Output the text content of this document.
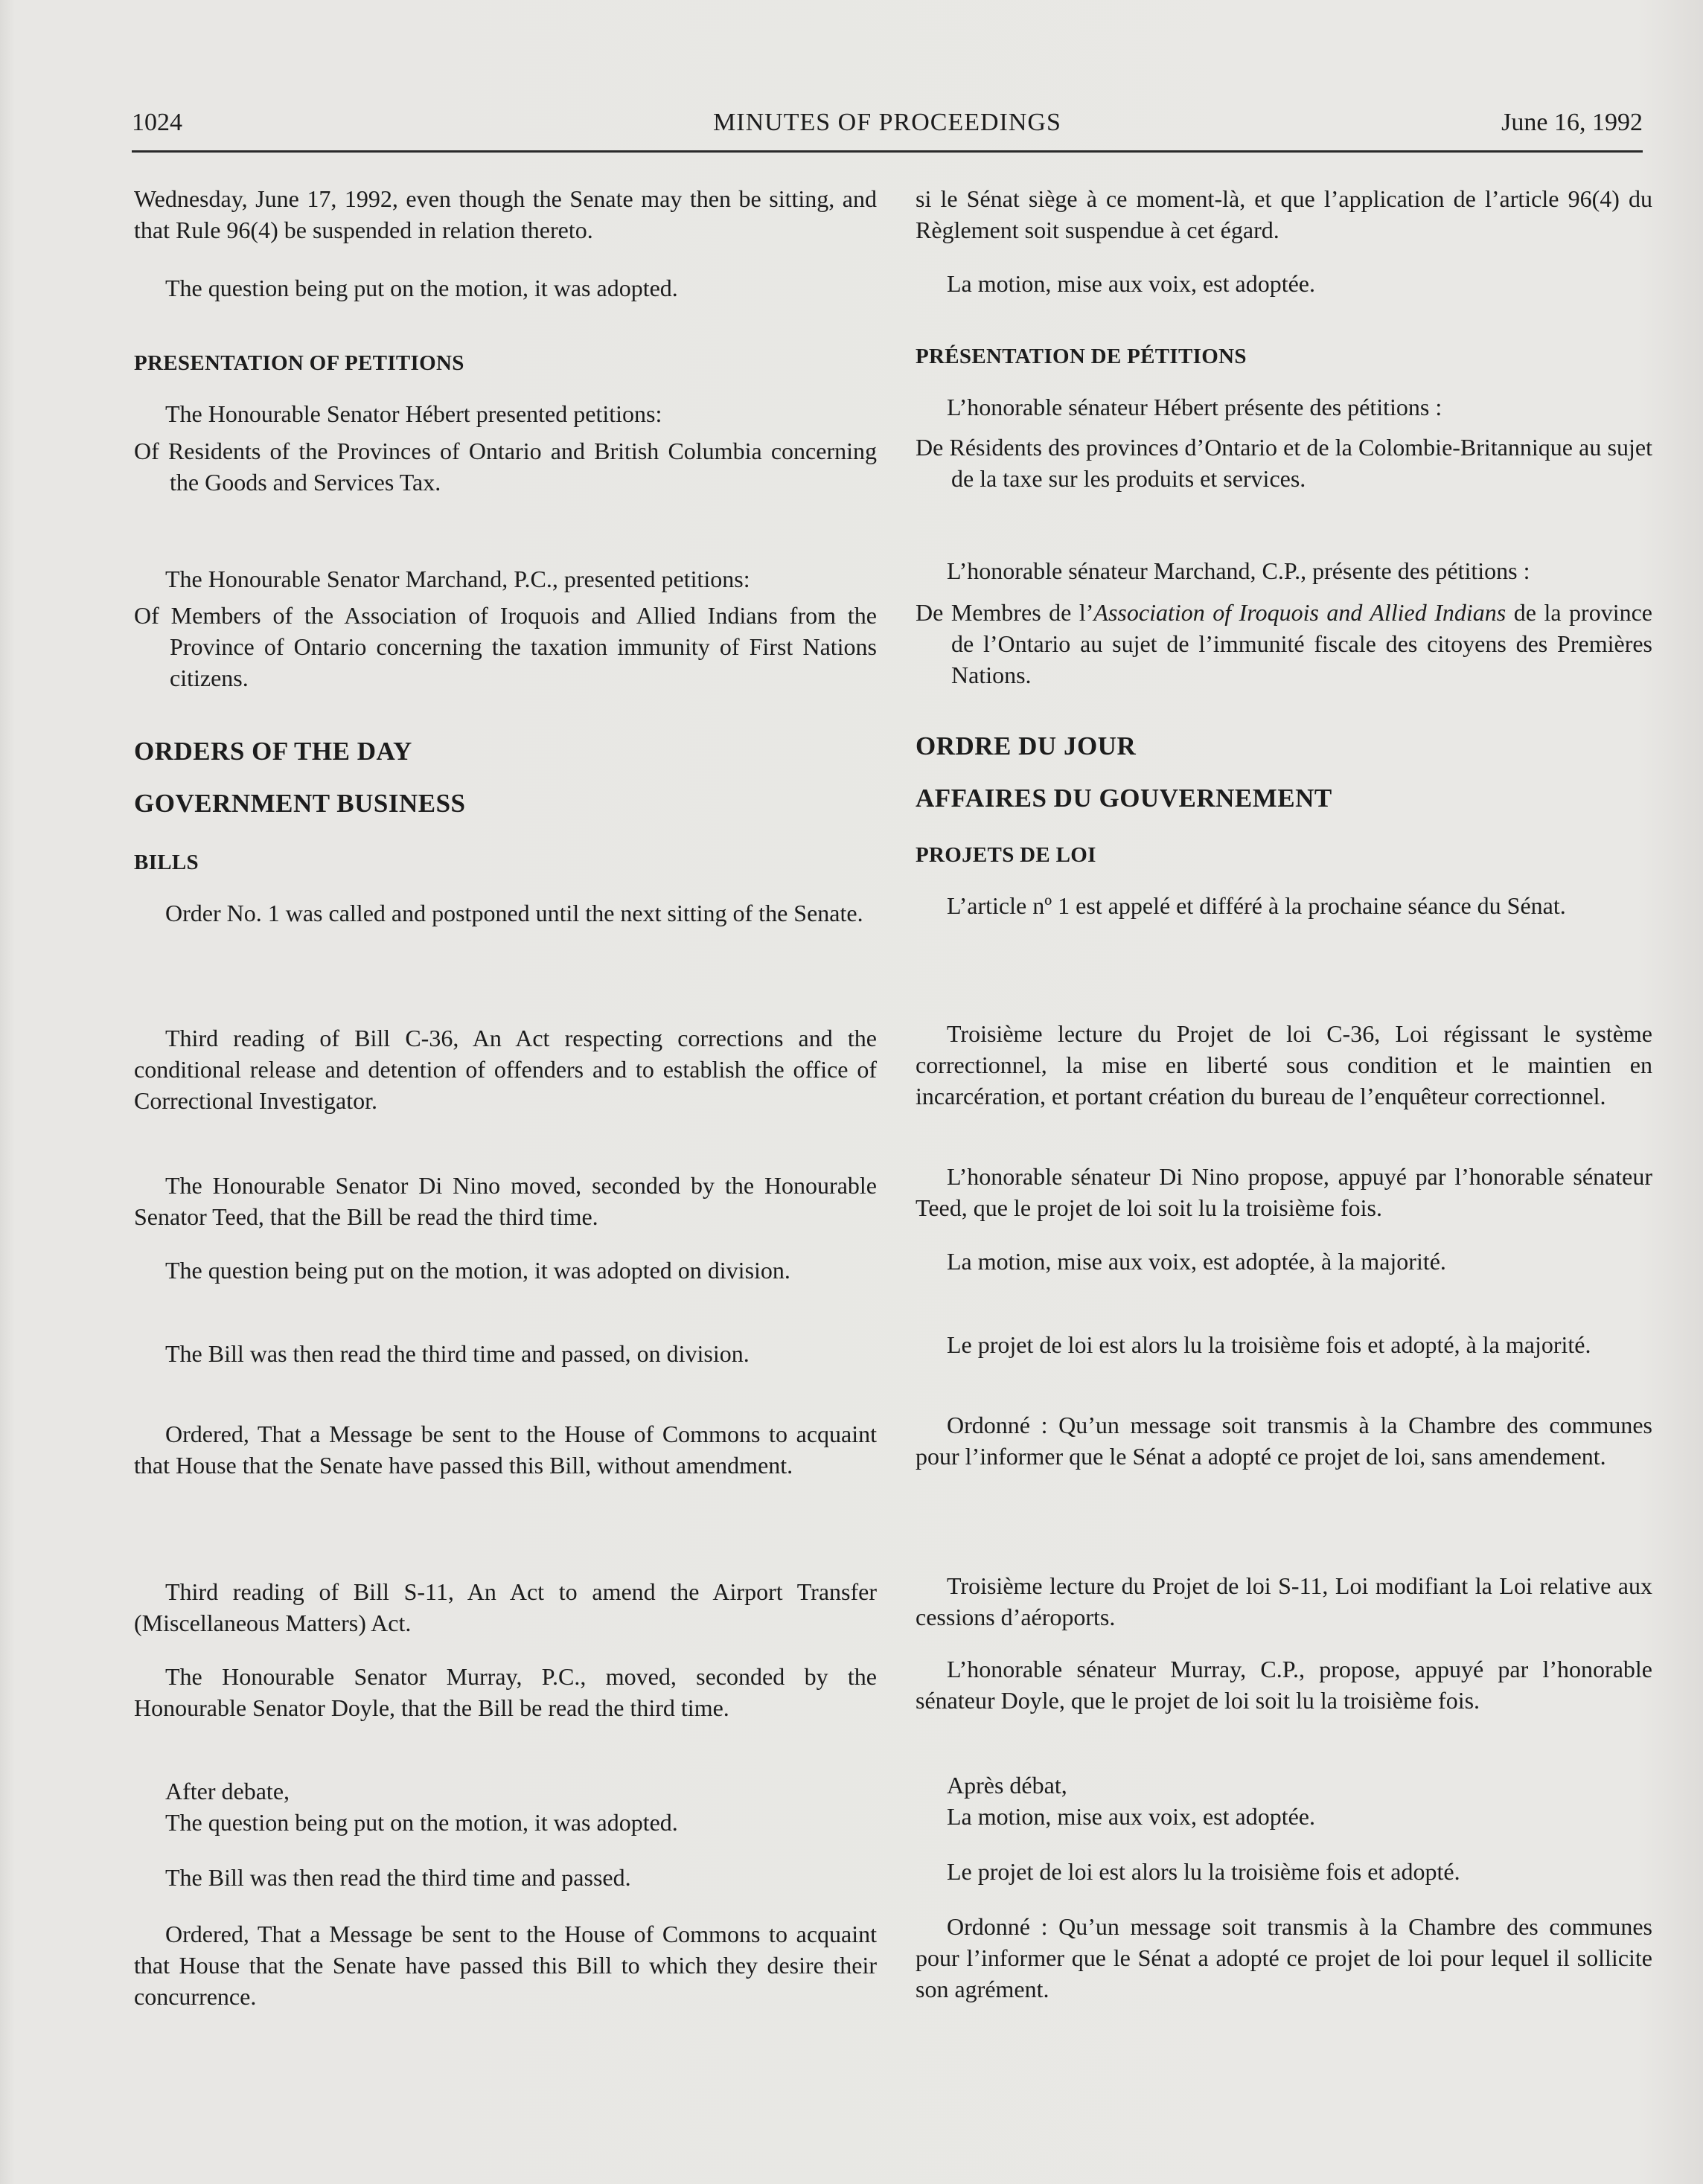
1024	MINUTES OF PROCEEDINGS	June 16, 1992

Wednesday, June 17, 1992, even though the Senate may then be sitting, and that Rule 96(4) be suspended in relation thereto.

The question being put on the motion, it was adopted.

PRESENTATION OF PETITIONS

The Honourable Senator Hébert presented petitions:

Of Residents of the Provinces of Ontario and British Columbia concerning the Goods and Services Tax.

The Honourable Senator Marchand, P.C., presented petitions:

Of Members of the Association of Iroquois and Allied Indians from the Province of Ontario concerning the taxation immunity of First Nations citizens.

ORDERS OF THE DAY
GOVERNMENT BUSINESS
BILLS

Order No. 1 was called and postponed until the next sitting of the Senate.

Third reading of Bill C-36, An Act respecting corrections and the conditional release and detention of offenders and to establish the office of Correctional Investigator.

The Honourable Senator Di Nino moved, seconded by the Honourable Senator Teed, that the Bill be read the third time.

The question being put on the motion, it was adopted on division.

The Bill was then read the third time and passed, on division.

Ordered, That a Message be sent to the House of Commons to acquaint that House that the Senate have passed this Bill, without amendment.

Third reading of Bill S-11, An Act to amend the Airport Transfer (Miscellaneous Matters) Act.

The Honourable Senator Murray, P.C., moved, seconded by the Honourable Senator Doyle, that the Bill be read the third time.

After debate,

The question being put on the motion, it was adopted.

The Bill was then read the third time and passed.

Ordered, That a Message be sent to the House of Commons to acquaint that House that the Senate have passed this Bill to which they desire their concurrence.

si le Sénat siège à ce moment-là, et que l’application de l’article 96(4) du Règlement soit suspendue à cet égard.

La motion, mise aux voix, est adoptée.

PRÉSENTATION DE PÉTITIONS

L’honorable sénateur Hébert présente des pétitions :

De Résidents des provinces d’Ontario et de la Colombie-Britannique au sujet de la taxe sur les produits et services.

L’honorable sénateur Marchand, C.P., présente des pétitions :

De Membres de l’Association of Iroquois and Allied Indians de la province de l’Ontario au sujet de l’immunité fiscale des citoyens des Premières Nations.

ORDRE DU JOUR
AFFAIRES DU GOUVERNEMENT
PROJETS DE LOI

L’article nº 1 est appelé et différé à la prochaine séance du Sénat.

Troisième lecture du Projet de loi C-36, Loi régissant le système correctionnel, la mise en liberté sous condition et le maintien en incarcération, et portant création du bureau de l’enquêteur correctionnel.

L’honorable sénateur Di Nino propose, appuyé par l’honorable sénateur Teed, que le projet de loi soit lu la troisième fois.

La motion, mise aux voix, est adoptée, à la majorité.

Le projet de loi est alors lu la troisième fois et adopté, à la majorité.

Ordonné : Qu’un message soit transmis à la Chambre des communes pour l’informer que le Sénat a adopté ce projet de loi, sans amendement.

Troisième lecture du Projet de loi S-11, Loi modifiant la Loi relative aux cessions d’aéroports.

L’honorable sénateur Murray, C.P., propose, appuyé par l’honorable sénateur Doyle, que le projet de loi soit lu la troisième fois.

Après débat,

La motion, mise aux voix, est adoptée.

Le projet de loi est alors lu la troisième fois et adopté.

Ordonné : Qu’un message soit transmis à la Chambre des communes pour l’informer que le Sénat a adopté ce projet de loi pour lequel il sollicite son agrément.
